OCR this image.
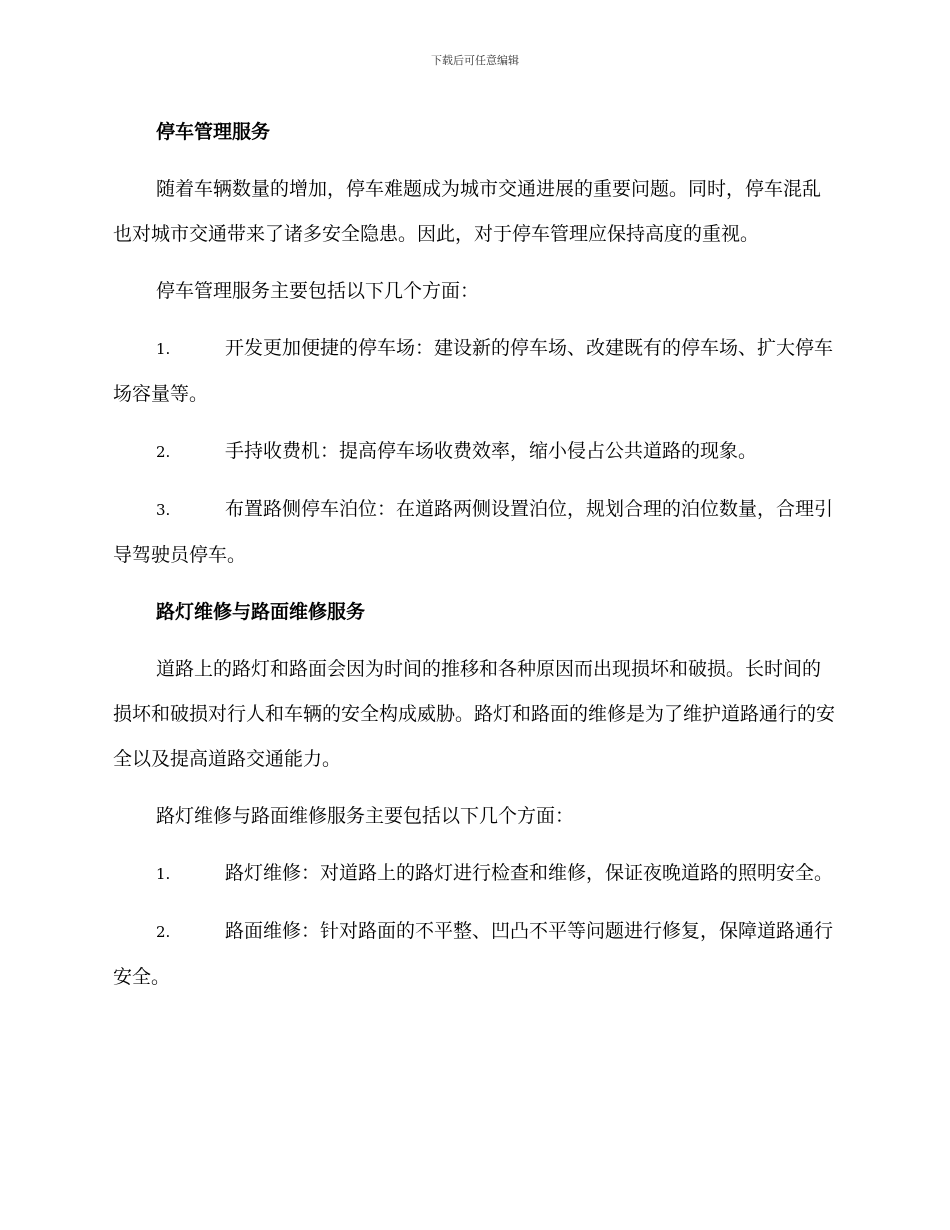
下载后可任意编辑
停车管理服务
随着车辆数量的增加，停车难题成为城市交通进展的重要问题。同时，停车混乱也对城市交通带来了诸多安全隐患。因此，对于停车管理应保持高度的重视。
停车管理服务主要包括以下几个方面：
1.	开发更加便捷的停车场：建设新的停车场、改建既有的停车场、扩大停车场容量等。
2.	手持收费机：提高停车场收费效率，缩小侵占公共道路的现象。
3.	布置路侧停车泊位：在道路两侧设置泊位，规划合理的泊位数量，合理引导驾驶员停车。
路灯维修与路面维修服务
道路上的路灯和路面会因为时间的推移和各种原因而出现损坏和破损。长时间的损坏和破损对行人和车辆的安全构成威胁。路灯和路面的维修是为了维护道路通行的安全以及提高道路交通能力。
路灯维修与路面维修服务主要包括以下几个方面：
1.	路灯维修：对道路上的路灯进行检查和维修，保证夜晚道路的照明安全。
2.	路面维修：针对路面的不平整、凹凸不平等问题进行修复，保障道路通行安全。
